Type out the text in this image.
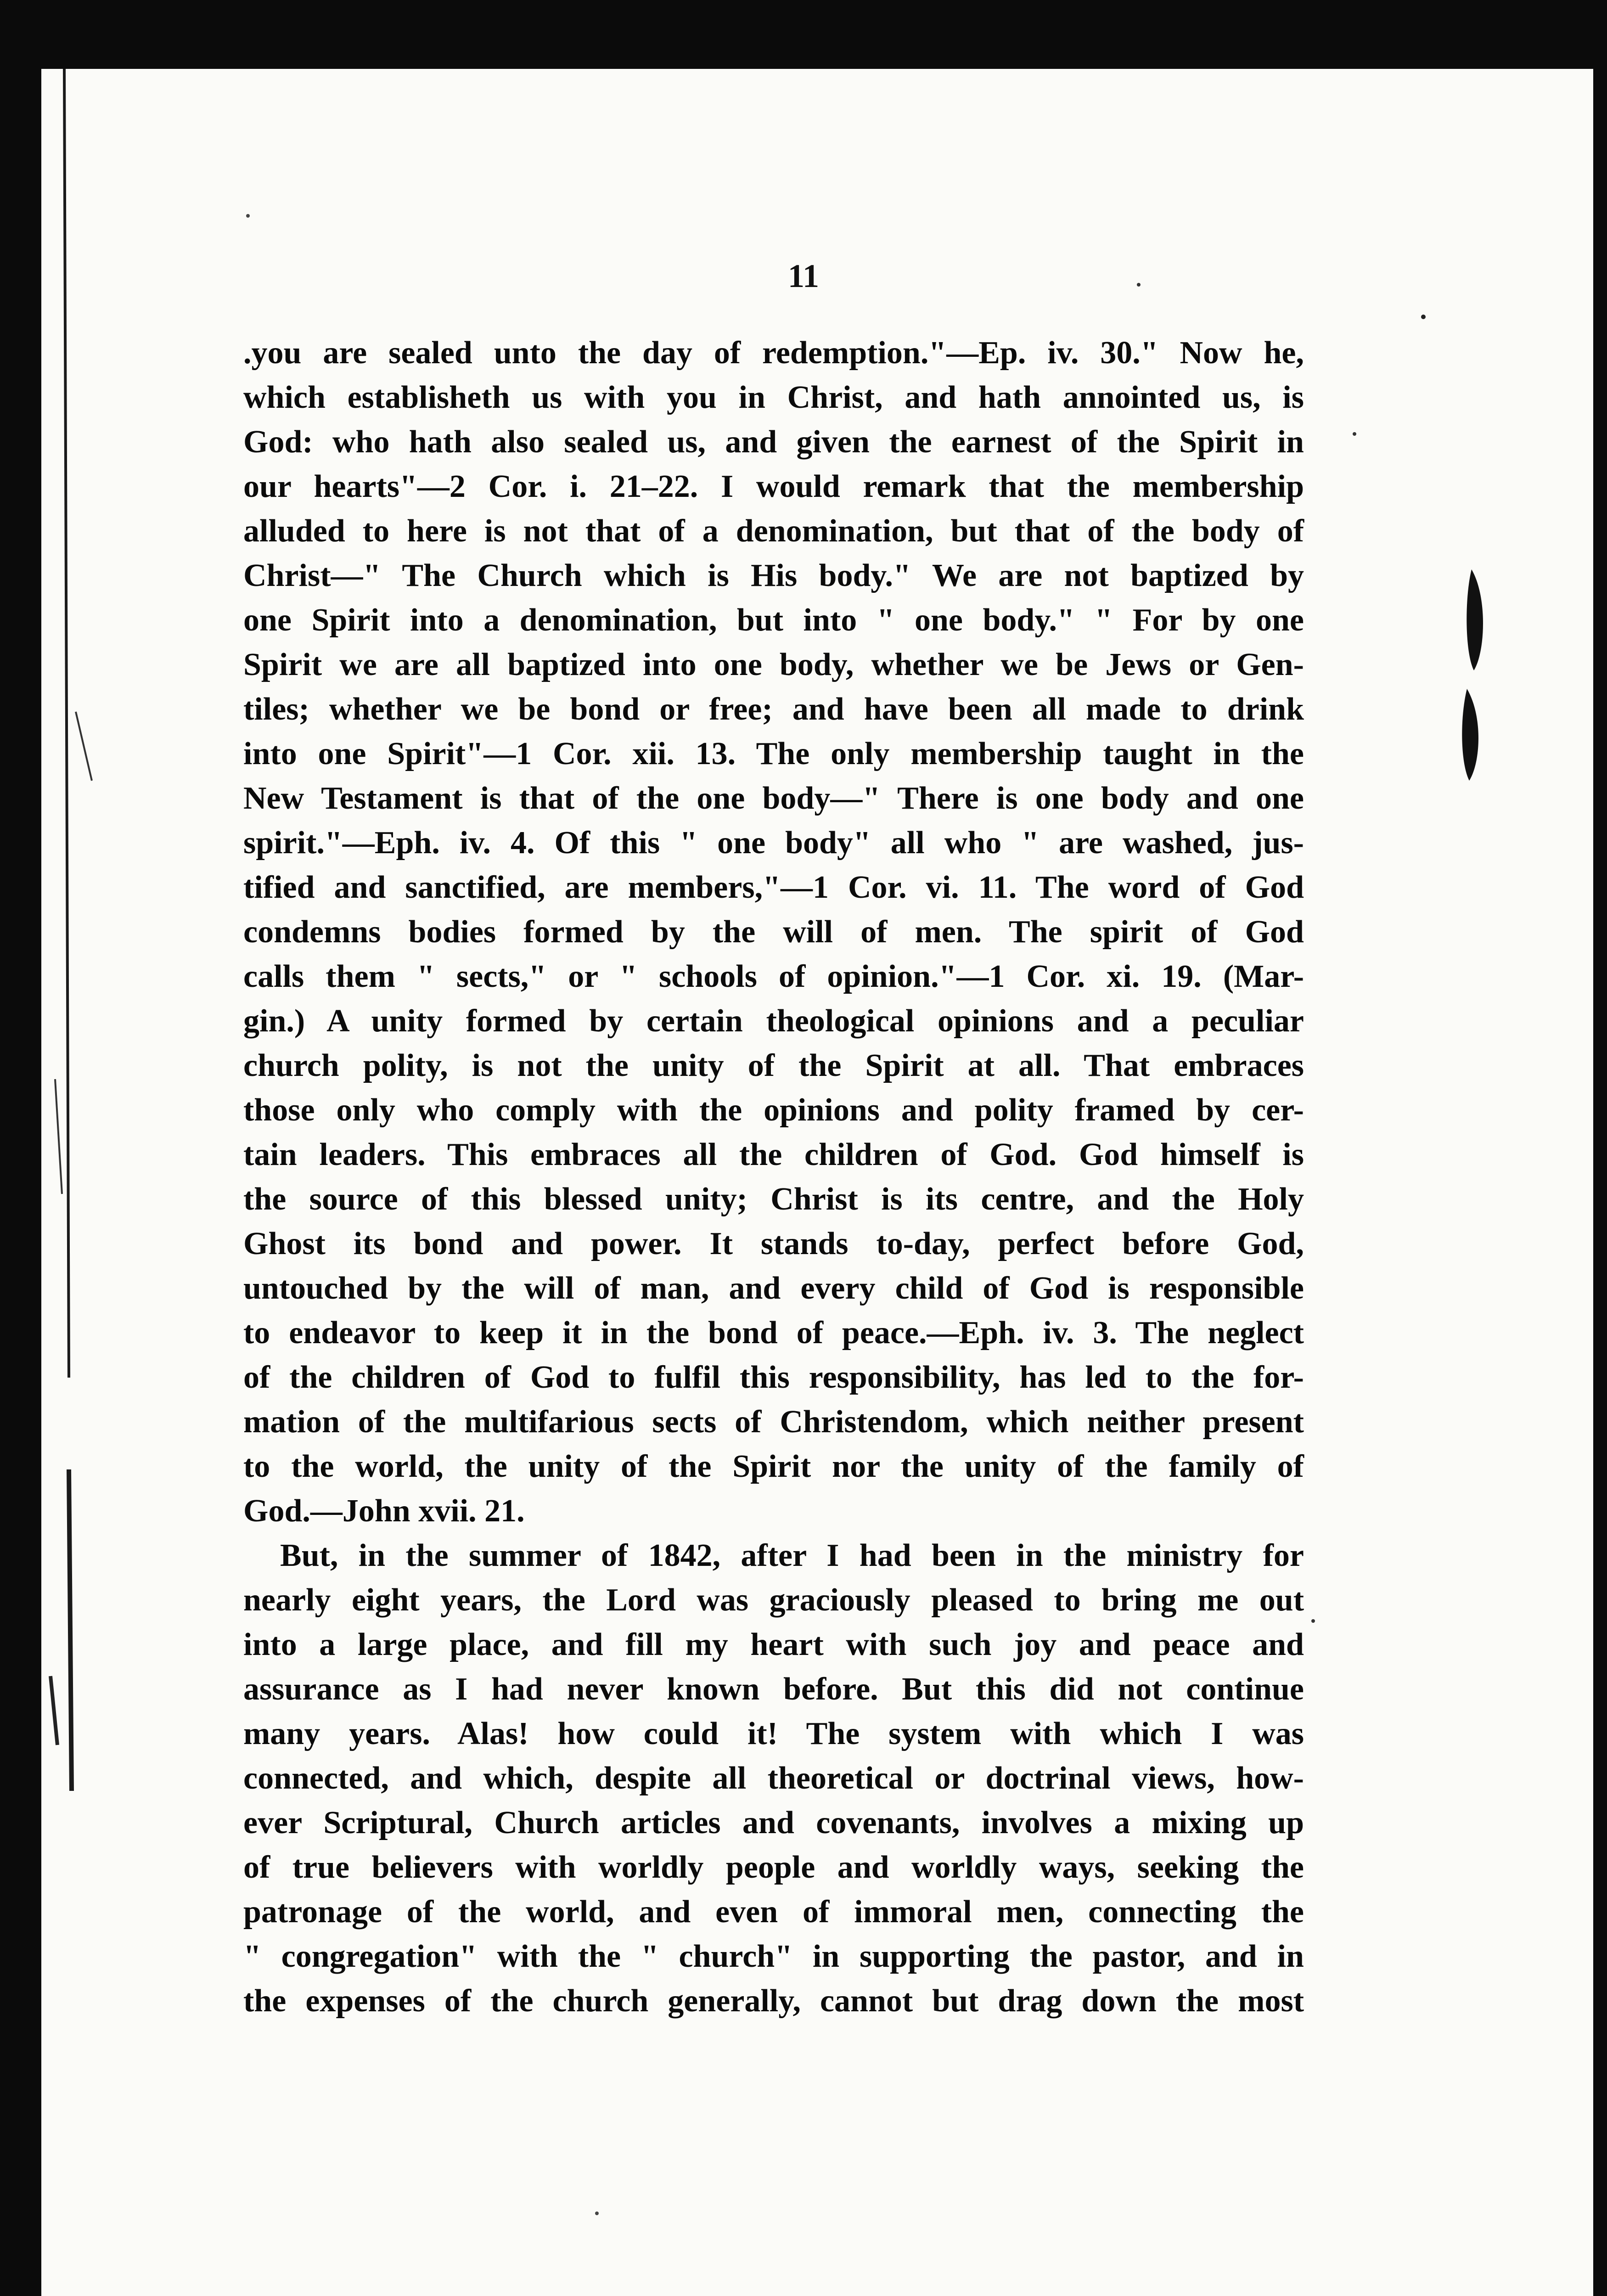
11
.you are sealed unto the day of redemption."—Ep. iv. 30." Now he,
which establisheth us with you in Christ, and hath annointed us, is
God: who hath also sealed us, and given the earnest of the Spirit in
our hearts"—2 Cor. i. 21–22. I would remark that the membership
alluded to here is not that of a denomination, but that of the body of
Christ—" The Church which is His body." We are not baptized by
one Spirit into a denomination, but into " one body." " For by one
Spirit we are all baptized into one body, whether we be Jews or Gen-
tiles; whether we be bond or free; and have been all made to drink
into one Spirit"—1 Cor. xii. 13. The only membership taught in the
New Testament is that of the one body—" There is one body and one
spirit."—Eph. iv. 4. Of this " one body" all who " are washed, jus-
tified and sanctified, are members,"—1 Cor. vi. 11. The word of God
condemns bodies formed by the will of men. The spirit of God
calls them " sects," or " schools of opinion."—1 Cor. xi. 19. (Mar-
gin.) A unity formed by certain theological opinions and a peculiar
church polity, is not the unity of the Spirit at all. That embraces
those only who comply with the opinions and polity framed by cer-
tain leaders. This embraces all the children of God. God himself is
the source of this blessed unity; Christ is its centre, and the Holy
Ghost its bond and power. It stands to-day, perfect before God,
untouched by the will of man, and every child of God is responsible
to endeavor to keep it in the bond of peace.—Eph. iv. 3. The neglect
of the children of God to fulfil this responsibility, has led to the for-
mation of the multifarious sects of Christendom, which neither present
to the world, the unity of the Spirit nor the unity of the family of
God.—John xvii. 21.
But, in the summer of 1842, after I had been in the ministry for
nearly eight years, the Lord was graciously pleased to bring me out
into a large place, and fill my heart with such joy and peace and
assurance as I had never known before. But this did not continue
many years. Alas! how could it! The system with which I was
connected, and which, despite all theoretical or doctrinal views, how-
ever Scriptural, Church articles and covenants, involves a mixing up
of true believers with worldly people and worldly ways, seeking the
patronage of the world, and even of immoral men, connecting the
" congregation" with the " church" in supporting the pastor, and in
the expenses of the church generally, cannot but drag down the most
